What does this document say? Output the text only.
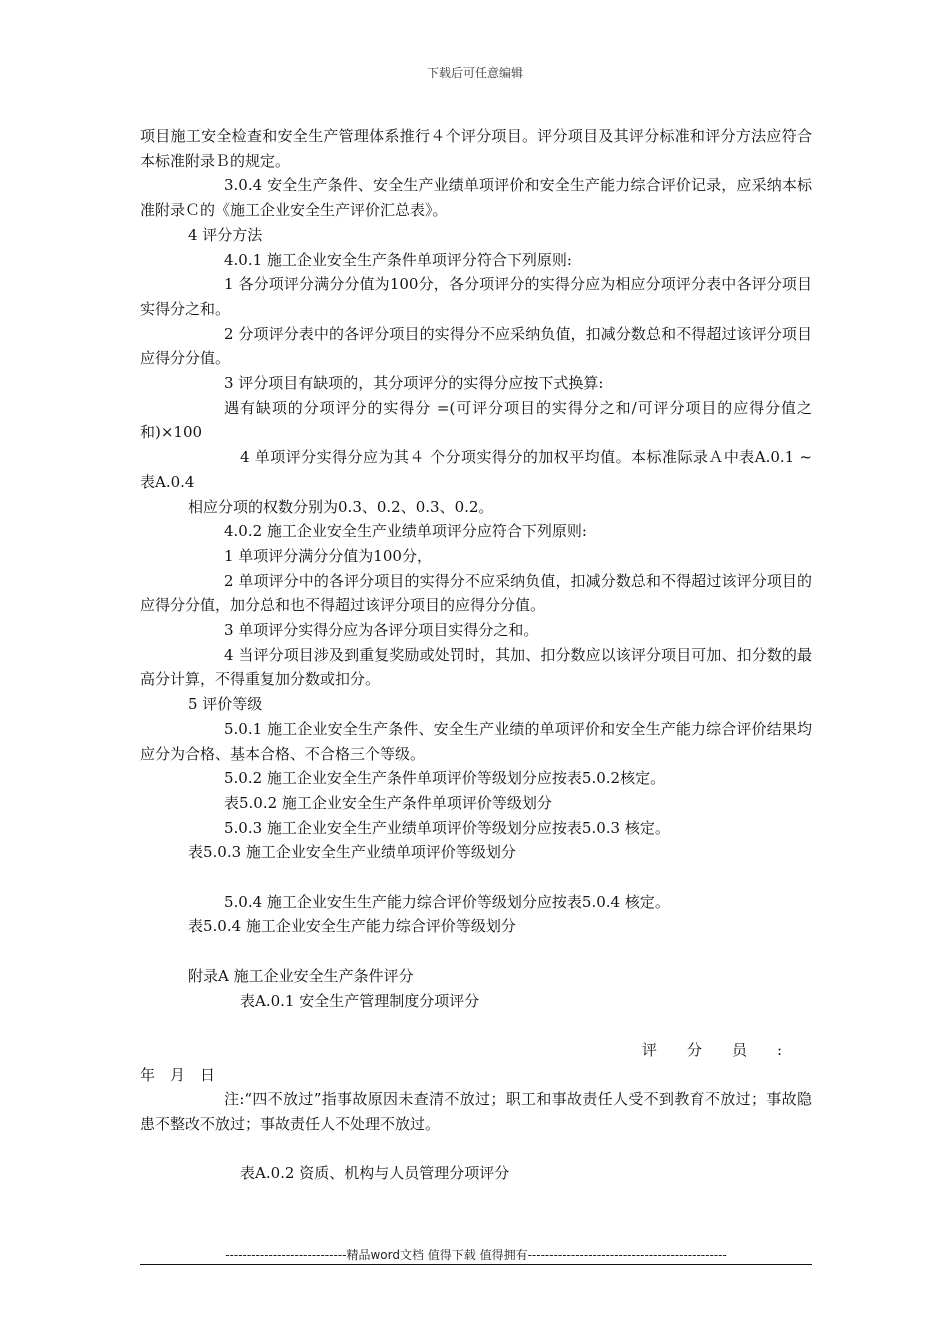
下载后可任意编辑

项目施工安全检查和安全生产管理体系推行４个评分项目。评分项目及其评分标准和评分方法应符合本标准附录Ｂ的规定。

3.0.4 安全生产条件、安全生产业绩单项评价和安全生产能力综合评价记录，应采纳本标准附录Ｃ的《施工企业安全生产评价汇总表》。

4 评分方法

4.0.1 施工企业安全生产条件单项评分符合下列原则:

1 各分项评分满分分值为100分，各分项评分的实得分应为相应分项评分表中各评分项目实得分之和。

2 分项评分表中的各评分项目的实得分不应采纳负值，扣减分数总和不得超过该评分项目应得分分值。

3 评分项目有缺项的，其分项评分的实得分应按下式换算:

遇有缺项的分项评分的实得分 =(可评分项目的实得分之和/可评分项目的应得分值之和)×100

4 单项评分实得分应为其４ 个分项实得分的加权平均值。本标准际录Ａ中表A.0.1 ~ 表A.0.4

相应分项的权数分别为0.3、0.2、0.3、0.2。

4.0.2 施工企业安全生产业绩单项评分应符合下列原则:

1 单项评分满分分值为100分，

2 单项评分中的各评分项目的实得分不应采纳负值，扣减分数总和不得超过该评分项目的应得分分值，加分总和也不得超过该评分项目的应得分分值。

3 单项评分实得分应为各评分项目实得分之和。

4 当评分项目涉及到重复奖励或处罚时，其加、扣分数应以该评分项目可加、扣分数的最高分计算，不得重复加分数或扣分。

5 评价等级

5.0.1 施工企业安全生产条件、安全生产业绩的单项评价和安全生产能力综合评价结果均应分为合格、基本合格、不合格三个等级。

5.0.2 施工企业安全生产条件单项评价等级划分应按表5.0.2核定。

表5.0.2 施工企业安全生产条件单项评价等级划分

5.0.3 施工企业安全生产业绩单项评价等级划分应按表5.0.3 核定。

表5.0.3 施工企业安全生产业绩单项评价等级划分

5.0.4 施工企业安生生产能力综合评价等级划分应按表5.0.4 核定。

表5.0.4 施工企业安全生产能力综合评价等级划分

附录A 施工企业安全生产条件评分

表A.0.1 安全生产管理制度分项评分

评分员:

年　月　日

注:“四不放过”指事故原因未查清不放过；职工和事故责任人受不到教育不放过；事故隐患不整改不放过；事故责任人不处理不放过。

表A.0.2 资质、机构与人员管理分项评分

----------------------------精品word文档 值得下载 值得拥有----------------------------------------------
